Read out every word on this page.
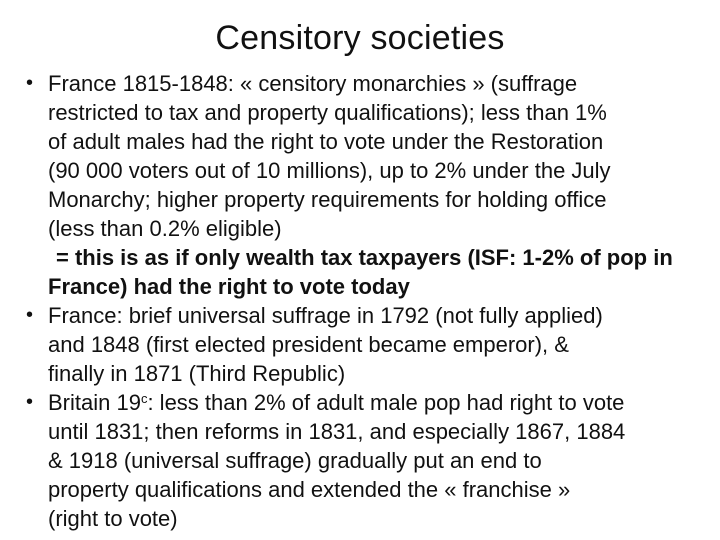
Censitory societies
• France 1815-1848: « censitory monarchies » (suffrage
restricted to tax and property qualifications); less than 1%
of adult males had the right to vote under the Restoration
(90 000 voters out of 10 millions), up to 2% under the July
Monarchy; higher property requirements for holding office
(less than 0.2% eligible)
= this is as if only wealth tax taxpayers (ISF: 1-2% of pop in
France) had the right to vote today
• France: brief universal suffrage in 1792 (not fully applied)
and 1848 (first elected president became emperor), &
finally in 1871 (Third Republic)
• Britain 19$^c$: less than 2% of adult male pop had right to vote
until 1831; then reforms in 1831, and especially 1867, 1884
& 1918 (universal suffrage) gradually put an end to
property qualifications and extended the « franchise »
(right to vote)
